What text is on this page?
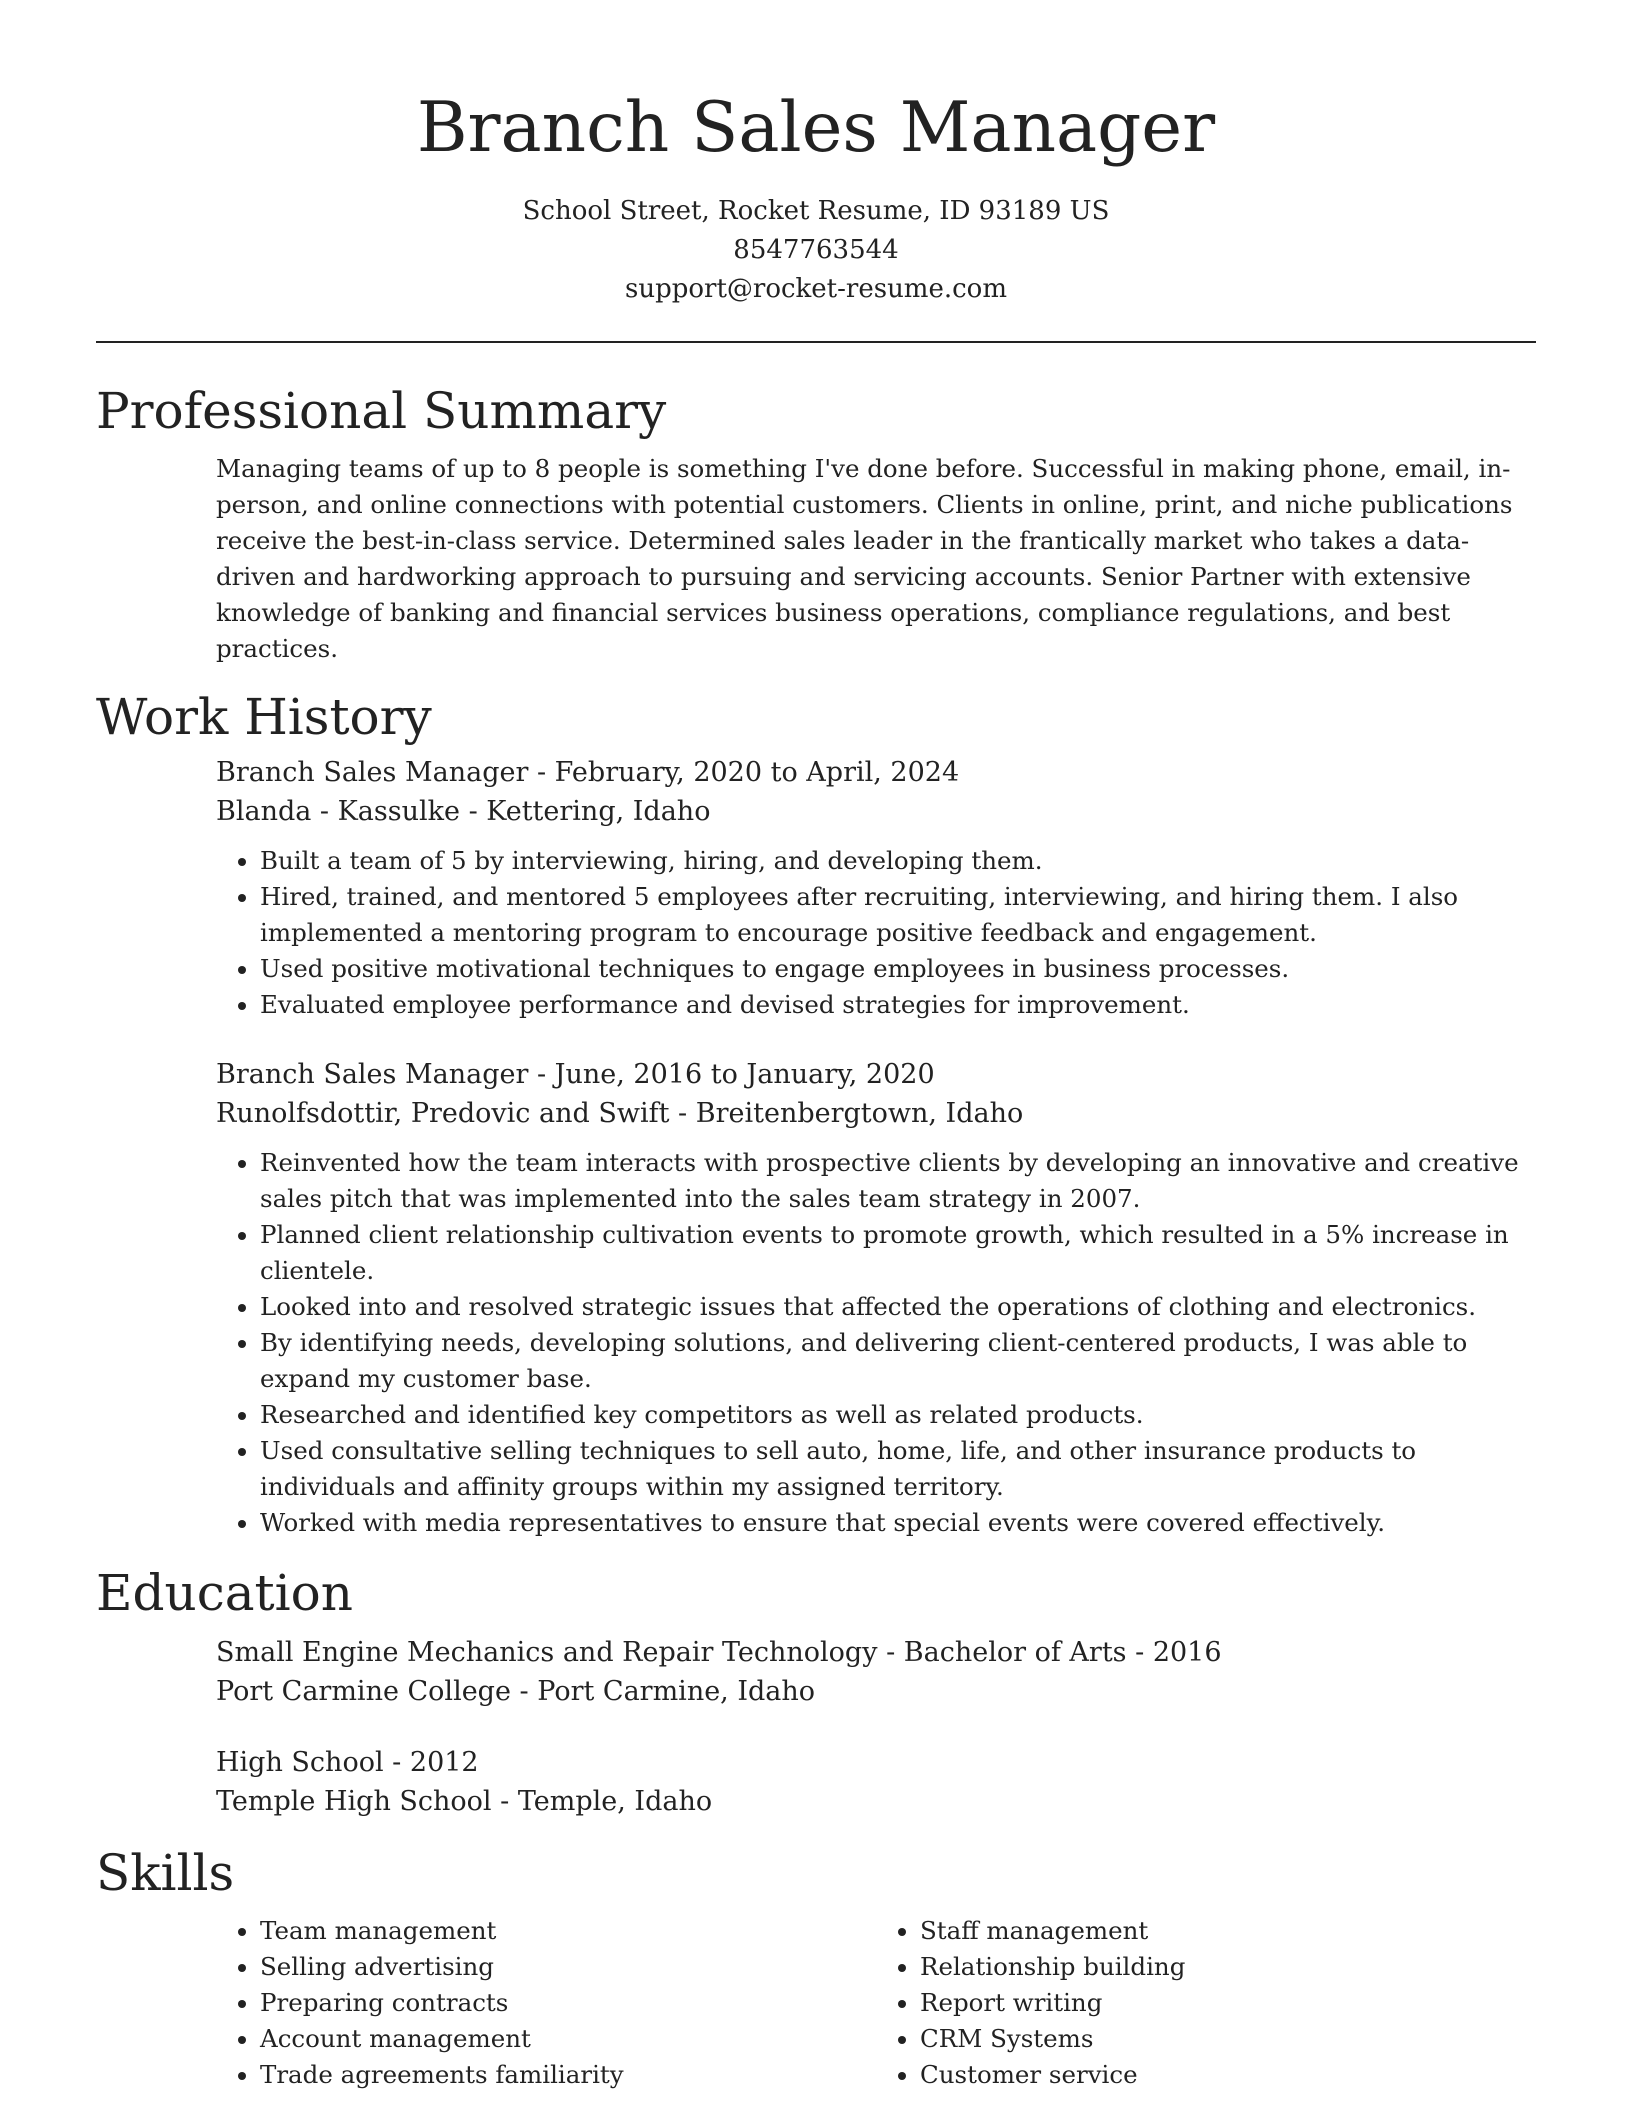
Branch Sales Manager
School Street, Rocket Resume, ID 93189 US
8547763544
support@rocket-resume.com
Professional Summary
Managing teams of up to 8 people is something I've done before. Successful in making phone, email, in-person, and online connections with potential customers. Clients in online, print, and niche publications receive the best-in-class service. Determined sales leader in the frantically market who takes a data-driven and hardworking approach to pursuing and servicing accounts. Senior Partner with extensive knowledge of banking and financial services business operations, compliance regulations, and best practices.
Work History
Branch Sales Manager - February, 2020 to April, 2024
Blanda - Kassulke - Kettering, Idaho
• Built a team of 5 by interviewing, hiring, and developing them.
• Hired, trained, and mentored 5 employees after recruiting, interviewing, and hiring them. I also implemented a mentoring program to encourage positive feedback and engagement.
• Used positive motivational techniques to engage employees in business processes.
• Evaluated employee performance and devised strategies for improvement.
Branch Sales Manager - June, 2016 to January, 2020
Runolfsdottir, Predovic and Swift - Breitenbergtown, Idaho
• Reinvented how the team interacts with prospective clients by developing an innovative and creative sales pitch that was implemented into the sales team strategy in 2007.
• Planned client relationship cultivation events to promote growth, which resulted in a 5% increase in clientele.
• Looked into and resolved strategic issues that affected the operations of clothing and electronics.
• By identifying needs, developing solutions, and delivering client-centered products, I was able to expand my customer base.
• Researched and identified key competitors as well as related products.
• Used consultative selling techniques to sell auto, home, life, and other insurance products to individuals and affinity groups within my assigned territory.
• Worked with media representatives to ensure that special events were covered effectively.
Education
Small Engine Mechanics and Repair Technology - Bachelor of Arts - 2016
Port Carmine College - Port Carmine, Idaho
High School - 2012
Temple High School - Temple, Idaho
Skills
• Team management
• Selling advertising
• Preparing contracts
• Account management
• Trade agreements familiarity
• Staff management
• Relationship building
• Report writing
• CRM Systems
• Customer service
